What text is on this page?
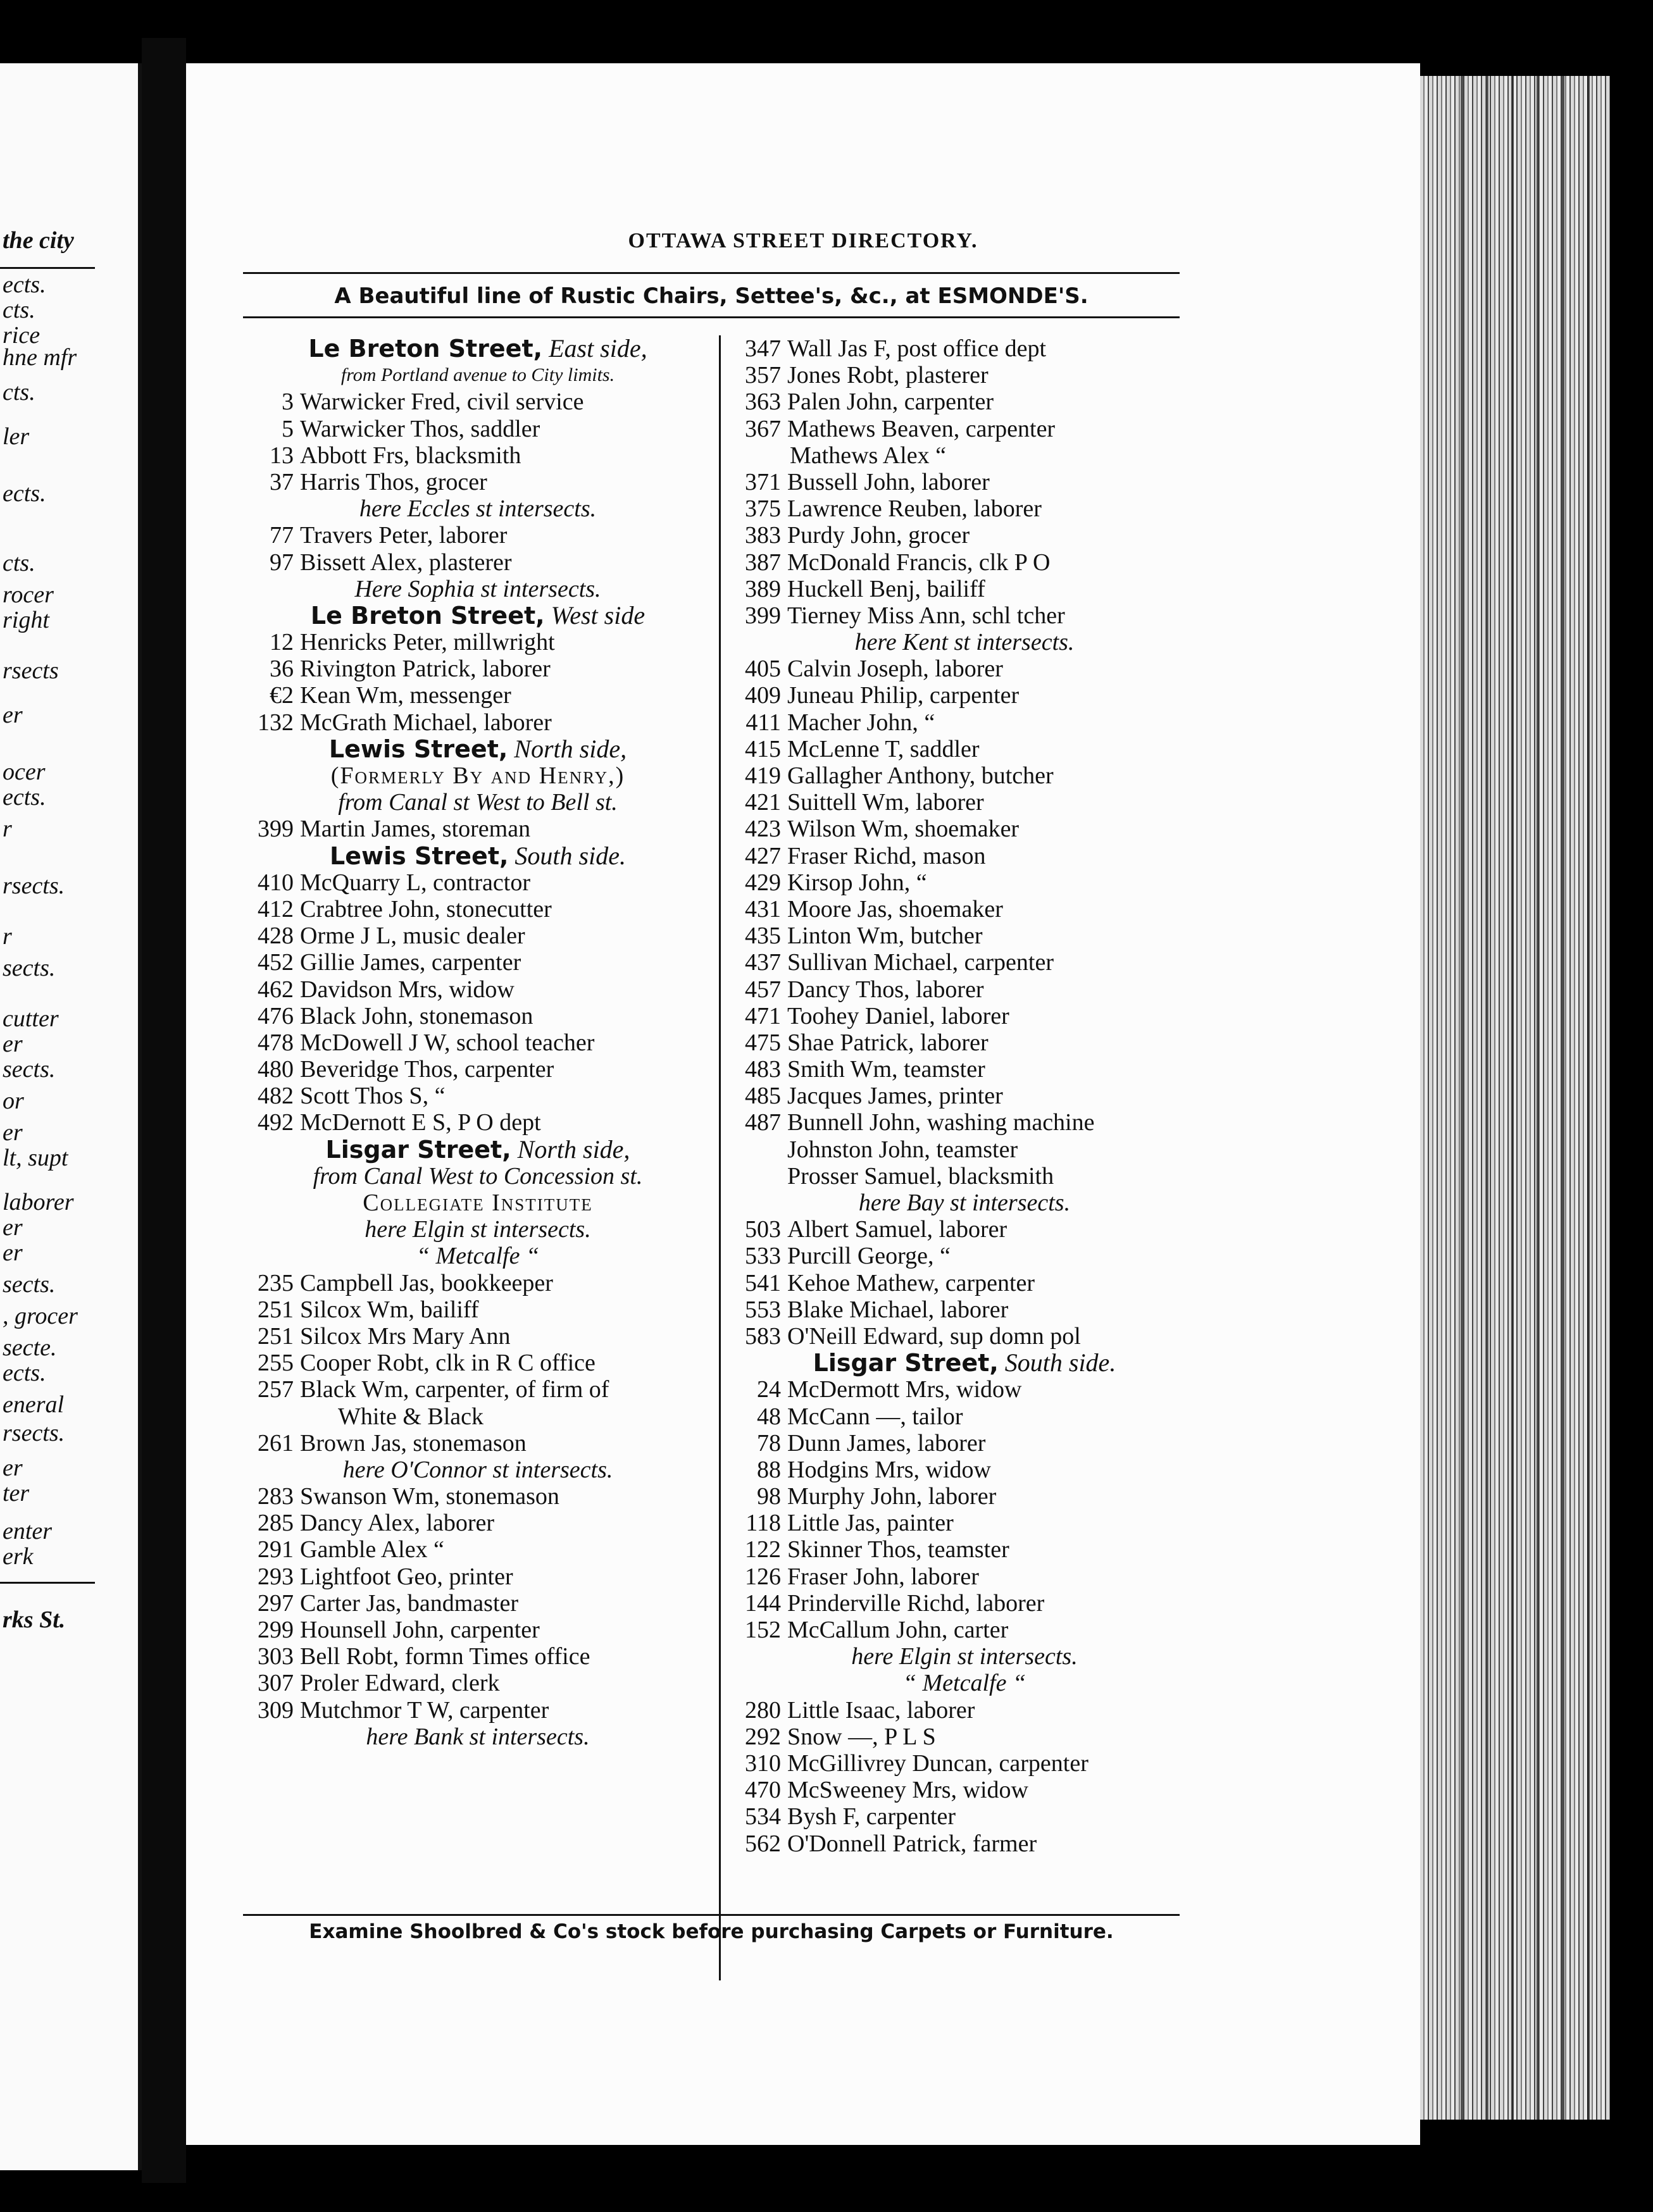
the city
ects.
cts.
rice
hne mfr
cts.
ler
ects.
cts.
rocer
right
rsects
er
ocer
ects.
r
rsects.
r
sects.
cutter
er
sects.
or
er
lt, supt
laborer
er
er
sects.
, grocer
secte.
ects.
eneral
rsects.
er
ter
enter
erk
rks St.
OTTAWA STREET DIRECTORY.
A Beautiful line of Rustic Chairs, Settee's, &c., at ESMONDE'S.
Le Breton Street, East side,
from Portland avenue to City limits.
3 Warwicker Fred, civil service
5 Warwicker Thos, saddler
13 Abbott Frs, blacksmith
37 Harris Thos, grocer
here Eccles st intersects.
77 Travers Peter, laborer
97 Bissett Alex, plasterer
Here Sophia st intersects.
Le Breton Street, West side
12 Henricks Peter, millwright
36 Rivington Patrick, laborer
€2 Kean Wm, messenger
132 McGrath Michael, laborer
Lewis Street, North side,
(Formerly By and Henry,)
from Canal st West to Bell st.
399 Martin James, storeman
Lewis Street, South side.
410 McQuarry L, contractor
412 Crabtree John, stonecutter
428 Orme J L, music dealer
452 Gillie James, carpenter
462 Davidson Mrs, widow
476 Black John, stonemason
478 McDowell J W, school teacher
480 Beveridge Thos, carpenter
482 Scott Thos S, “
492 McDernott E S, P O dept
Lisgar Street, North side,
from Canal West to Concession st.
Collegiate Institute
here Elgin st intersects.
“ Metcalfe “
235 Campbell Jas, bookkeeper
251 Silcox Wm, bailiff
251 Silcox Mrs Mary Ann
255 Cooper Robt, clk in R C office
257 Black Wm, carpenter, of firm of
White & Black
261 Brown Jas, stonemason
here O'Connor st intersects.
283 Swanson Wm, stonemason
285 Dancy Alex, laborer
291 Gamble Alex “
293 Lightfoot Geo, printer
297 Carter Jas, bandmaster
299 Hounsell John, carpenter
303 Bell Robt, formn Times office
307 Proler Edward, clerk
309 Mutchmor T W, carpenter
here Bank st intersects.
347 Wall Jas F, post office dept
357 Jones Robt, plasterer
363 Palen John, carpenter
367 Mathews Beaven, carpenter
Mathews Alex “
371 Bussell John, laborer
375 Lawrence Reuben, laborer
383 Purdy John, grocer
387 McDonald Francis, clk P O
389 Huckell Benj, bailiff
399 Tierney Miss Ann, schl tcher
here Kent st intersects.
405 Calvin Joseph, laborer
409 Juneau Philip, carpenter
411 Macher John, “
415 McLenne T, saddler
419 Gallagher Anthony, butcher
421 Suittell Wm, laborer
423 Wilson Wm, shoemaker
427 Fraser Richd, mason
429 Kirsop John, “
431 Moore Jas, shoemaker
435 Linton Wm, butcher
437 Sullivan Michael, carpenter
457 Dancy Thos, laborer
471 Toohey Daniel, laborer
475 Shae Patrick, laborer
483 Smith Wm, teamster
485 Jacques James, printer
487 Bunnell John, washing machine
Johnston John, teamster
Prosser Samuel, blacksmith
here Bay st intersects.
503 Albert Samuel, laborer
533 Purcill George, “
541 Kehoe Mathew, carpenter
553 Blake Michael, laborer
583 O'Neill Edward, sup domn pol
Lisgar Street, South side.
24 McDermott Mrs, widow
48 McCann —, tailor
78 Dunn James, laborer
88 Hodgins Mrs, widow
98 Murphy John, laborer
118 Little Jas, painter
122 Skinner Thos, teamster
126 Fraser John, laborer
144 Prinderville Richd, laborer
152 McCallum John, carter
here Elgin st intersects.
“ Metcalfe “
280 Little Isaac, laborer
292 Snow —, P L S
310 McGillivrey Duncan, carpenter
470 McSweeney Mrs, widow
534 Bysh F, carpenter
562 O'Donnell Patrick, farmer
Examine Shoolbred & Co's stock before purchasing Carpets or Furniture.
